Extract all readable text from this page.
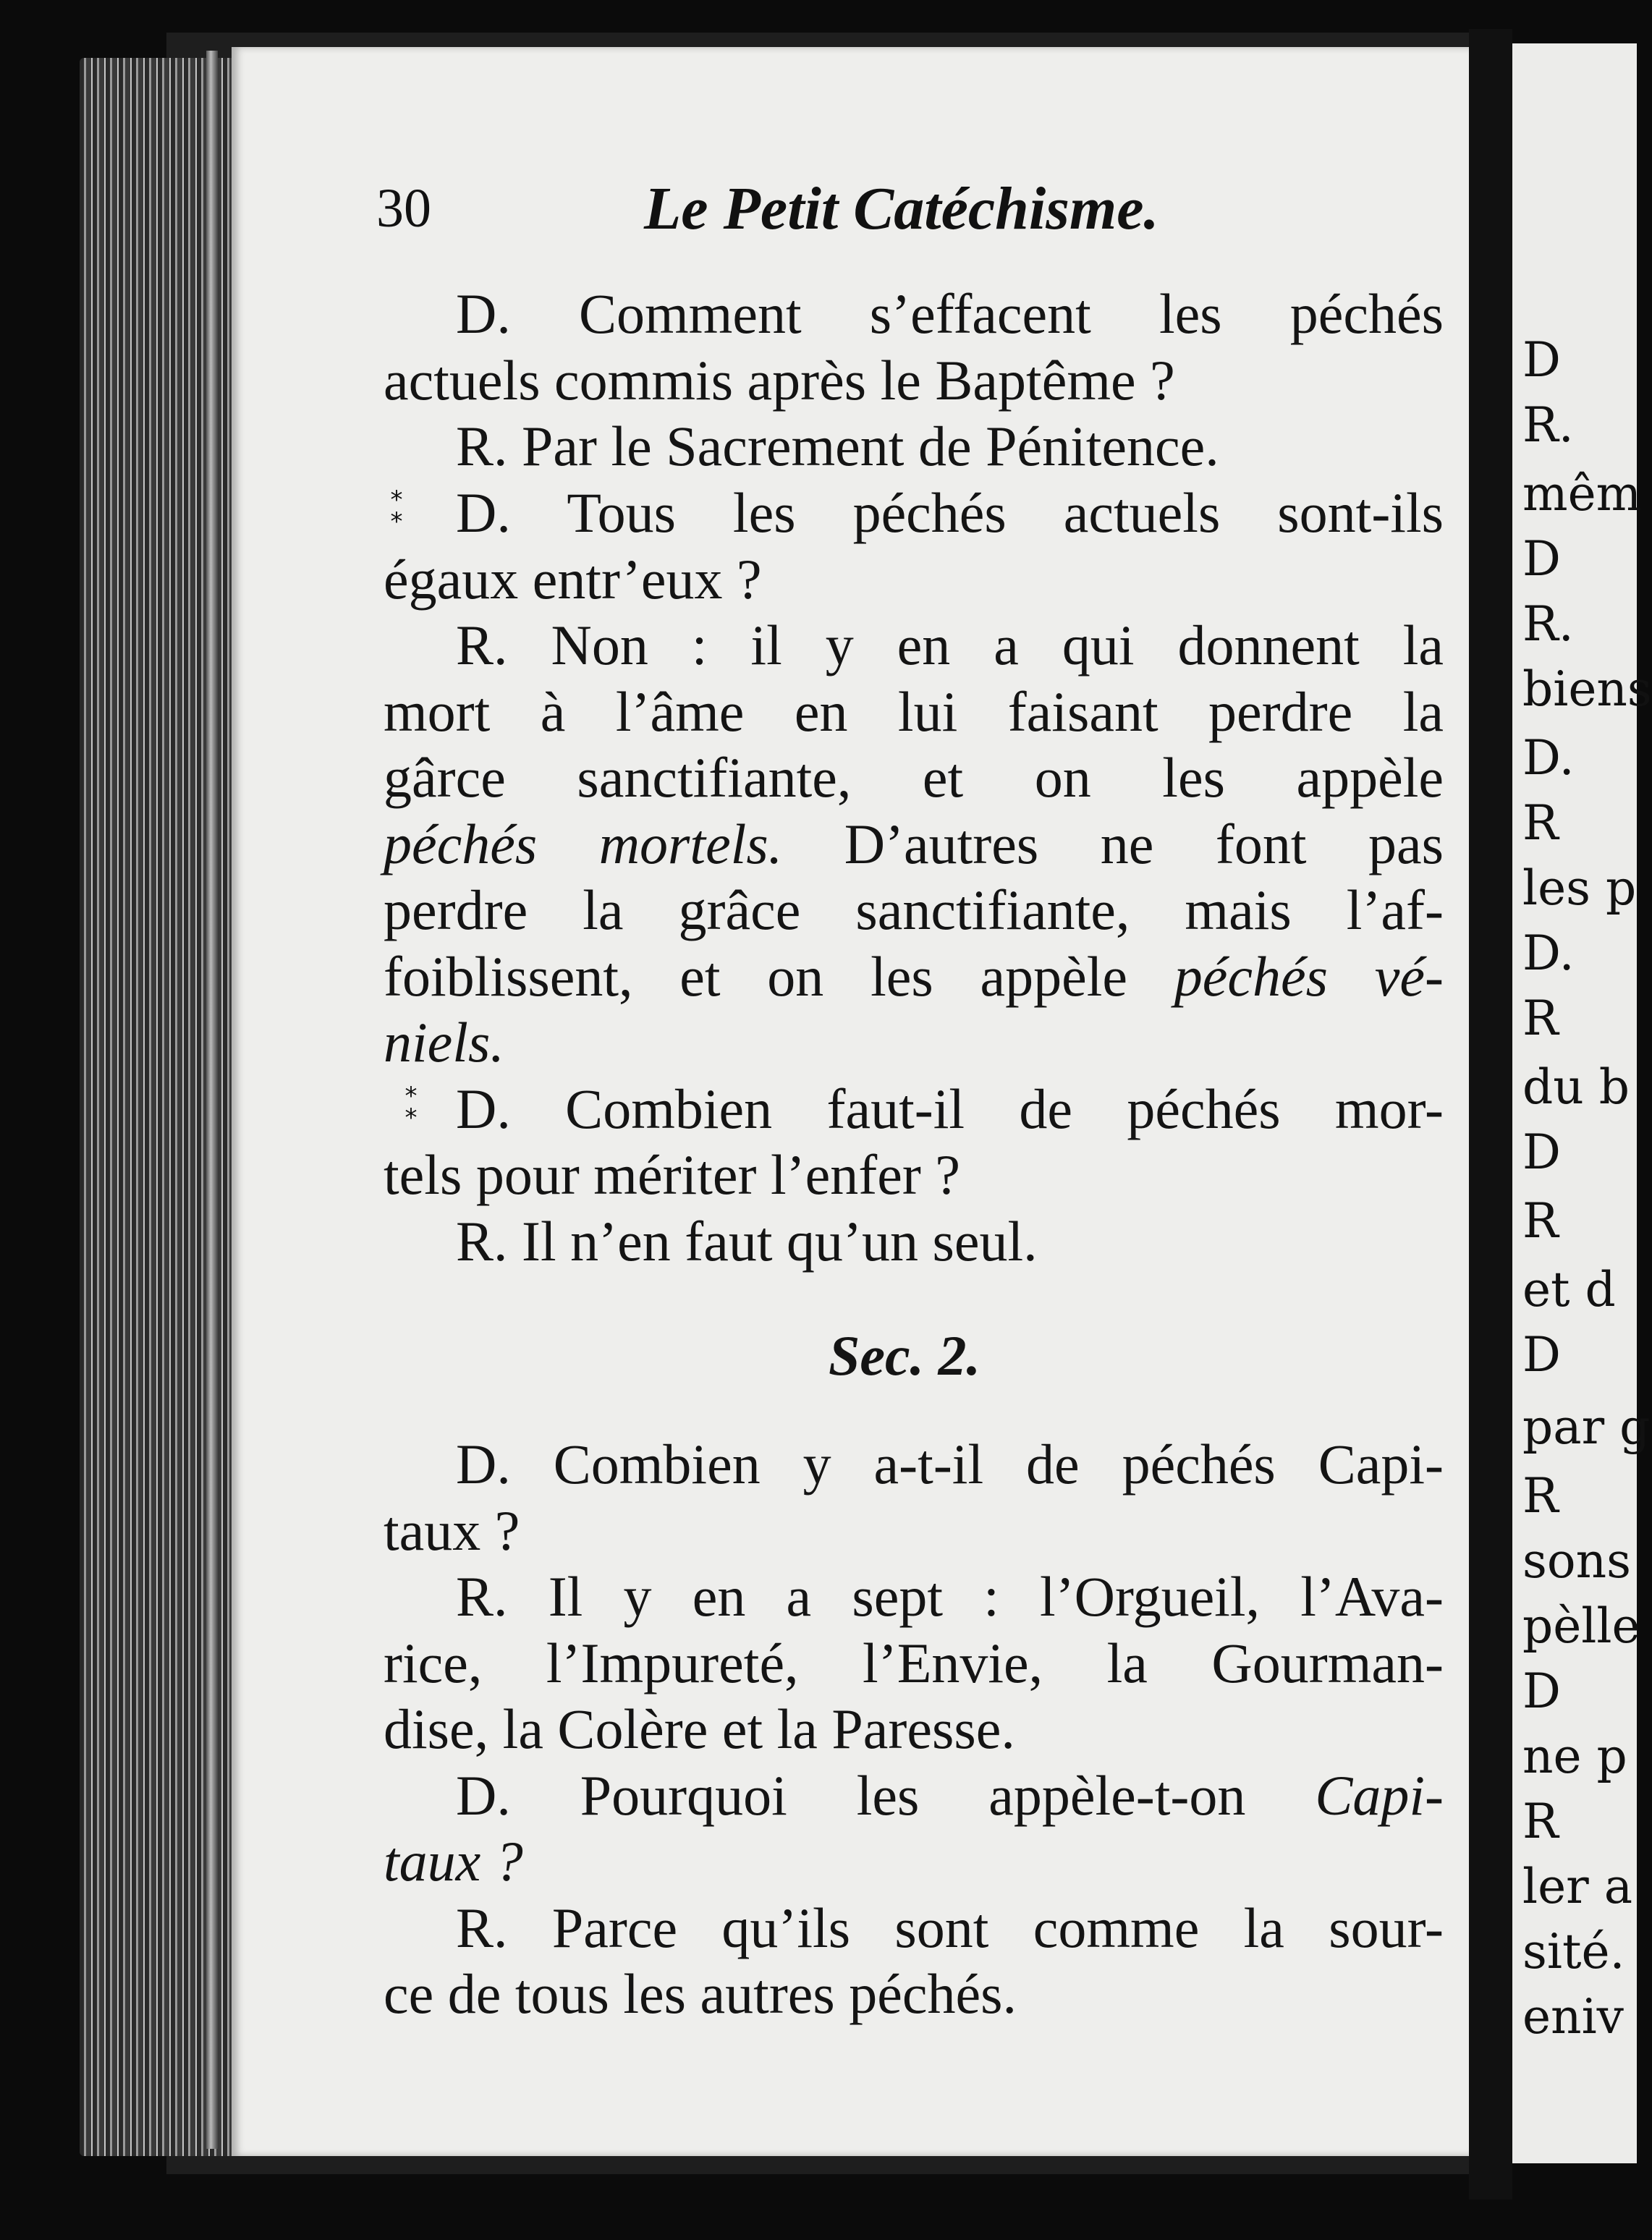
D
R.
mêm
D
R.
biens
D.
R
les p
D.
R
du b
D
R
et d
D
par g
R
sons
pèlle
D
ne p
R
ler a
sité.
eniv
30	Le Petit Catéchisme.
D. Comment s’effacent les péchés
actuels commis après le Baptême ?
R. Par le Sacrement de Pénitence.
*
* D. Tous les péchés actuels sont-ils
égaux entr’eux ?
R. Non : il y en a qui donnent la
mort à l’âme en lui faisant perdre la
gârce sanctifiante, et on les appèle
péchés mortels. D’autres ne font pas
perdre la grâce sanctifiante, mais l’af-
foiblissent, et on les appèle péchés vé-
niels.
*
* D. Combien faut-il de péchés mor-
tels pour mériter l’enfer ?
R. Il n’en faut qu’un seul.
Sec. 2.
D. Combien y a-t-il de péchés Capi-
taux ?
R. Il y en a sept : l’Orgueil, l’Ava-
rice, l’Impureté, l’Envie, la Gourman-
dise, la Colère et la Paresse.
D. Pourquoi les appèle-t-on Capi-
taux ?
R. Parce qu’ils sont comme la sour-
ce de tous les autres péchés.
